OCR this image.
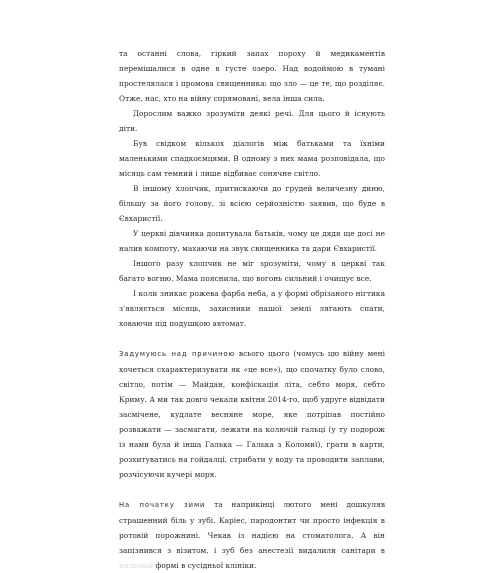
та останні слова, гіркий запах пороху й медикаментів перемішалися в одне в густе озеро. Над водоймою в тумані простелялася і промова священника: що зло — це те, що розділяє. Отже, нас, хто на війну спрямовані, вела інша сила.

Дорослим важко зрозуміти деякі речі. Для цього й існують діти.

Був свідком кількох діалогів між батьками та їхніми маленькими спадкоємцями. В одному з них мама розповідала, що місяць сам темний і лише відбиває сонячне світло.

В іншому хлопчик, притискаючи до грудей величезну диню, більшу за його голову, зі всією серйозністю заявив, що буде в Євхаристії.

У церкві дівчинка допитувала батьків, чому це дядя ще досі не налив компоту, махаючи на звук священника та дари Євхаристії.

Іншого разу хлопчик не міг зрозуміти, чому в церкві так багато вогню. Мама пояснила, що вогонь сильний і очищує все.

І коли зникає рожева фарба неба, а у формі обрізаного нігтика з'являється місяць, захисники нашої землі лягають спати, ховаючи під подушкою автомат.

Задумуюсь над причиною всього цього (чомусь цю війну мені хочеться схарактеризувати як «це все»), що спочатку було слово, світло, потім — Майдан, конфіскація літа, себто моря, себто Криму. А ми так довго чекали квітня 2014-го, щоб удруге відвідати засмічене, кудлате весняне море, яке потріпав постійно розважати — засмагати, лежати на колючій гальці (у ту подорож із нами була й інша Галька — Галька з Коломиї), грати в карти, розхитуватись на гойдалці, стрибати у воду та проводити заплави, розчісуючи кучері моря.

На початку зими та наприкінці лютого мені дошкуляв страшенний біль у зубі. Каріес, пародонтит чи просто інфекція в ротовій порожнині. Чекав із надією на стоматолога. А він запізнився з візитом, і зуб без анестезії видалили санітари в польовій формі в сусідньої клініки.
